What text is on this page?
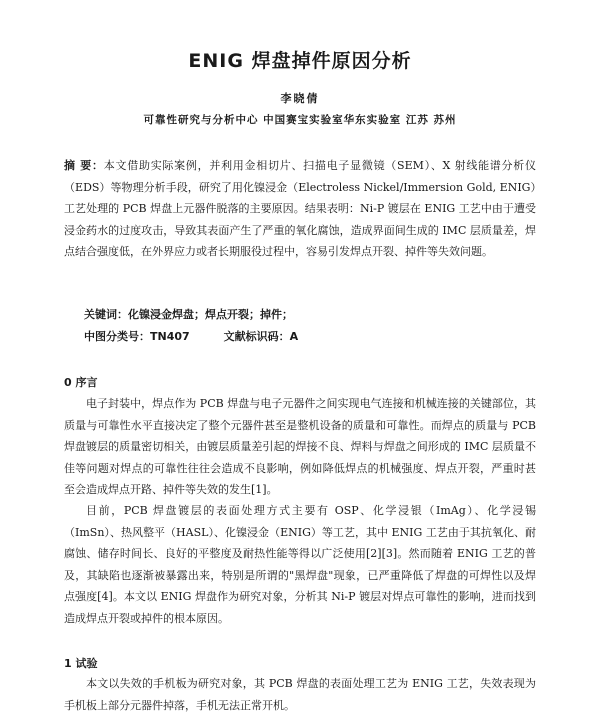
ENIG 焊盘掉件原因分析
李晓倩
可靠性研究与分析中心 中国赛宝实验室华东实验室 江苏 苏州
摘 要：本文借助实际案例，并利用金相切片、扫描电子显微镜（SEM）、X 射线能谱分析仪（EDS）等物理分析手段，研究了用化镍浸金（Electroless Nickel/Immersion Gold, ENIG）工艺处理的 PCB 焊盘上元器件脱落的主要原因。结果表明：Ni-P 镀层在 ENIG 工艺中由于遭受浸金药水的过度攻击，导致其表面产生了严重的氧化腐蚀，造成界面间生成的 IMC 层质量差，焊点结合强度低，在外界应力或者长期服役过程中，容易引发焊点开裂、掉件等失效问题。
关键词：化镍浸金焊盘；焊点开裂；掉件；
中图分类号：TN407	文献标识码：A
0 序言
电子封装中，焊点作为 PCB 焊盘与电子元器件之间实现电气连接和机械连接的关键部位，其质量与可靠性水平直接决定了整个元器件甚至是整机设备的质量和可靠性。而焊点的质量与 PCB 焊盘镀层的质量密切相关，由镀层质量差引起的焊接不良、焊料与焊盘之间形成的 IMC 层质量不佳等问题对焊点的可靠性往往会造成不良影响，例如降低焊点的机械强度、焊点开裂，严重时甚至会造成焊点开路、掉件等失效的发生[1]。
目前，PCB 焊盘镀层的表面处理方式主要有 OSP、化学浸银（ImAg）、化学浸锡（ImSn）、热风整平（HASL）、化镍浸金（ENIG）等工艺，其中 ENIG 工艺由于其抗氧化、耐腐蚀、储存时间长、良好的平整度及耐热性能等得以广泛使用[2][3]。然而随着 ENIG 工艺的普及，其缺陷也逐渐被暴露出来，特别是所谓的"黑焊盘"现象，已严重降低了焊盘的可焊性以及焊点强度[4]。本文以 ENIG 焊盘作为研究对象，分析其 Ni-P 镀层对焊点可靠性的影响，进而找到造成焊点开裂或掉件的根本原因。
1 试验
本文以失效的手机板为研究对象，其 PCB 焊盘的表面处理工艺为 ENIG 工艺，失效表现为手机板上部分元器件掉落，手机无法正常开机。
